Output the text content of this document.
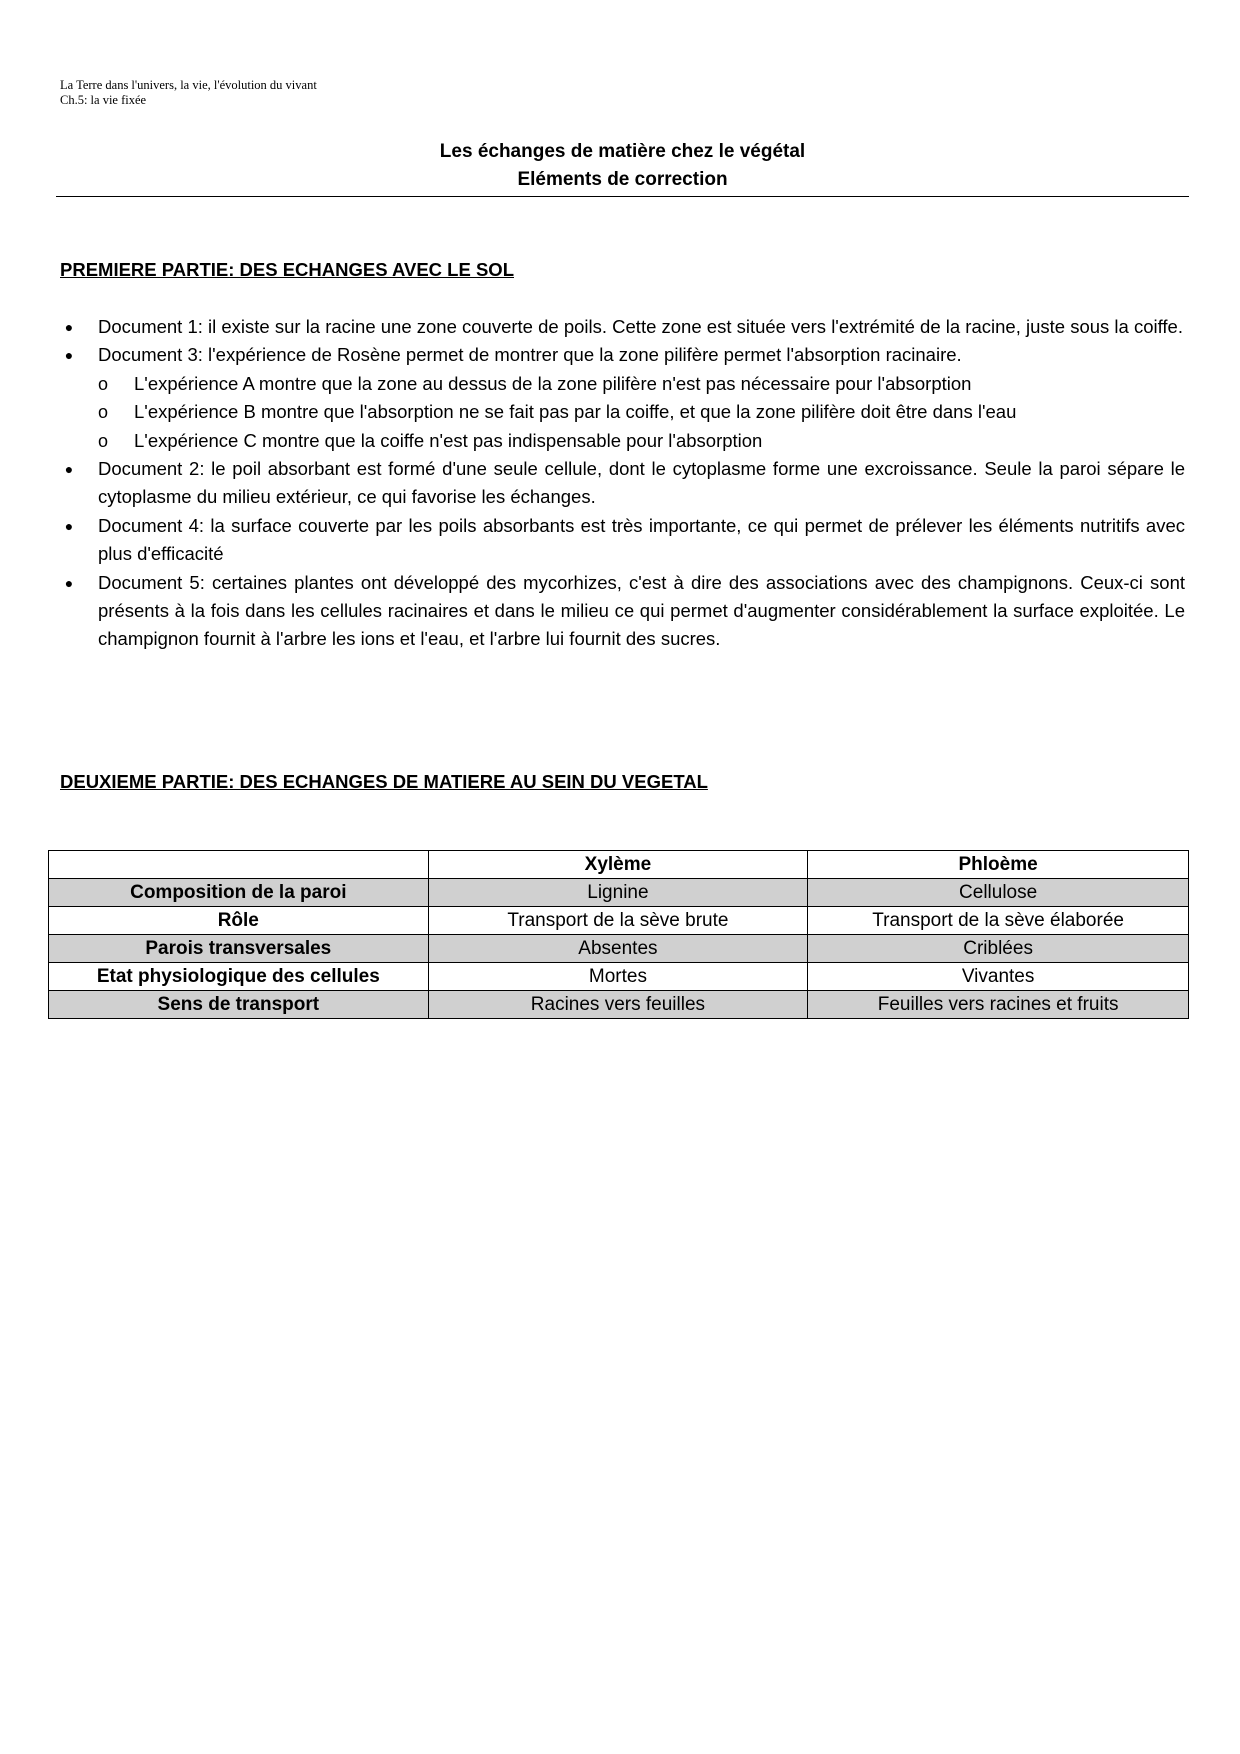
La Terre dans l'univers, la vie, l'évolution du vivant
Ch.5: la vie fixée
Les échanges de matière chez le végétal
Eléments de correction
PREMIERE PARTIE: DES ECHANGES AVEC LE SOL
● Document 1: il existe sur la racine une zone couverte de poils. Cette zone est située vers l'extrémité de la racine, juste sous la coiffe.
● Document 3: l'expérience de Rosène permet de montrer que la zone pilifère permet l'absorption racinaire.
o L'expérience A montre que la zone au dessus de la zone pilifère n'est pas nécessaire pour l'absorption
o L'expérience B montre que l'absorption ne se fait pas par la coiffe, et que la zone pilifère doit être dans l'eau
o L'expérience C montre que la coiffe n'est pas indispensable pour l'absorption
● Document 2: le poil absorbant est formé d'une seule cellule, dont le cytoplasme forme une excroissance. Seule la paroi sépare le cytoplasme du milieu extérieur, ce qui favorise les échanges.
● Document 4: la surface couverte par les poils absorbants est très importante, ce qui permet de prélever les éléments nutritifs avec plus d'efficacité
● Document 5: certaines plantes ont développé des mycorhizes, c'est à dire des associations avec des champignons. Ceux-ci sont présents à la fois dans les cellules racinaires et dans le milieu ce qui permet d'augmenter considérablement la surface exploitée. Le champignon fournit à l'arbre les ions et l'eau, et l'arbre lui fournit des sucres.
DEUXIEME PARTIE: DES ECHANGES DE MATIERE AU SEIN DU VEGETAL
	Xylème	Phloème
Composition de la paroi	Lignine	Cellulose
Rôle	Transport de la sève brute	Transport de la sève élaborée
Parois transversales	Absentes	Criblées
Etat physiologique des cellules	Mortes	Vivantes
Sens de transport	Racines vers feuilles	Feuilles vers racines et fruits
